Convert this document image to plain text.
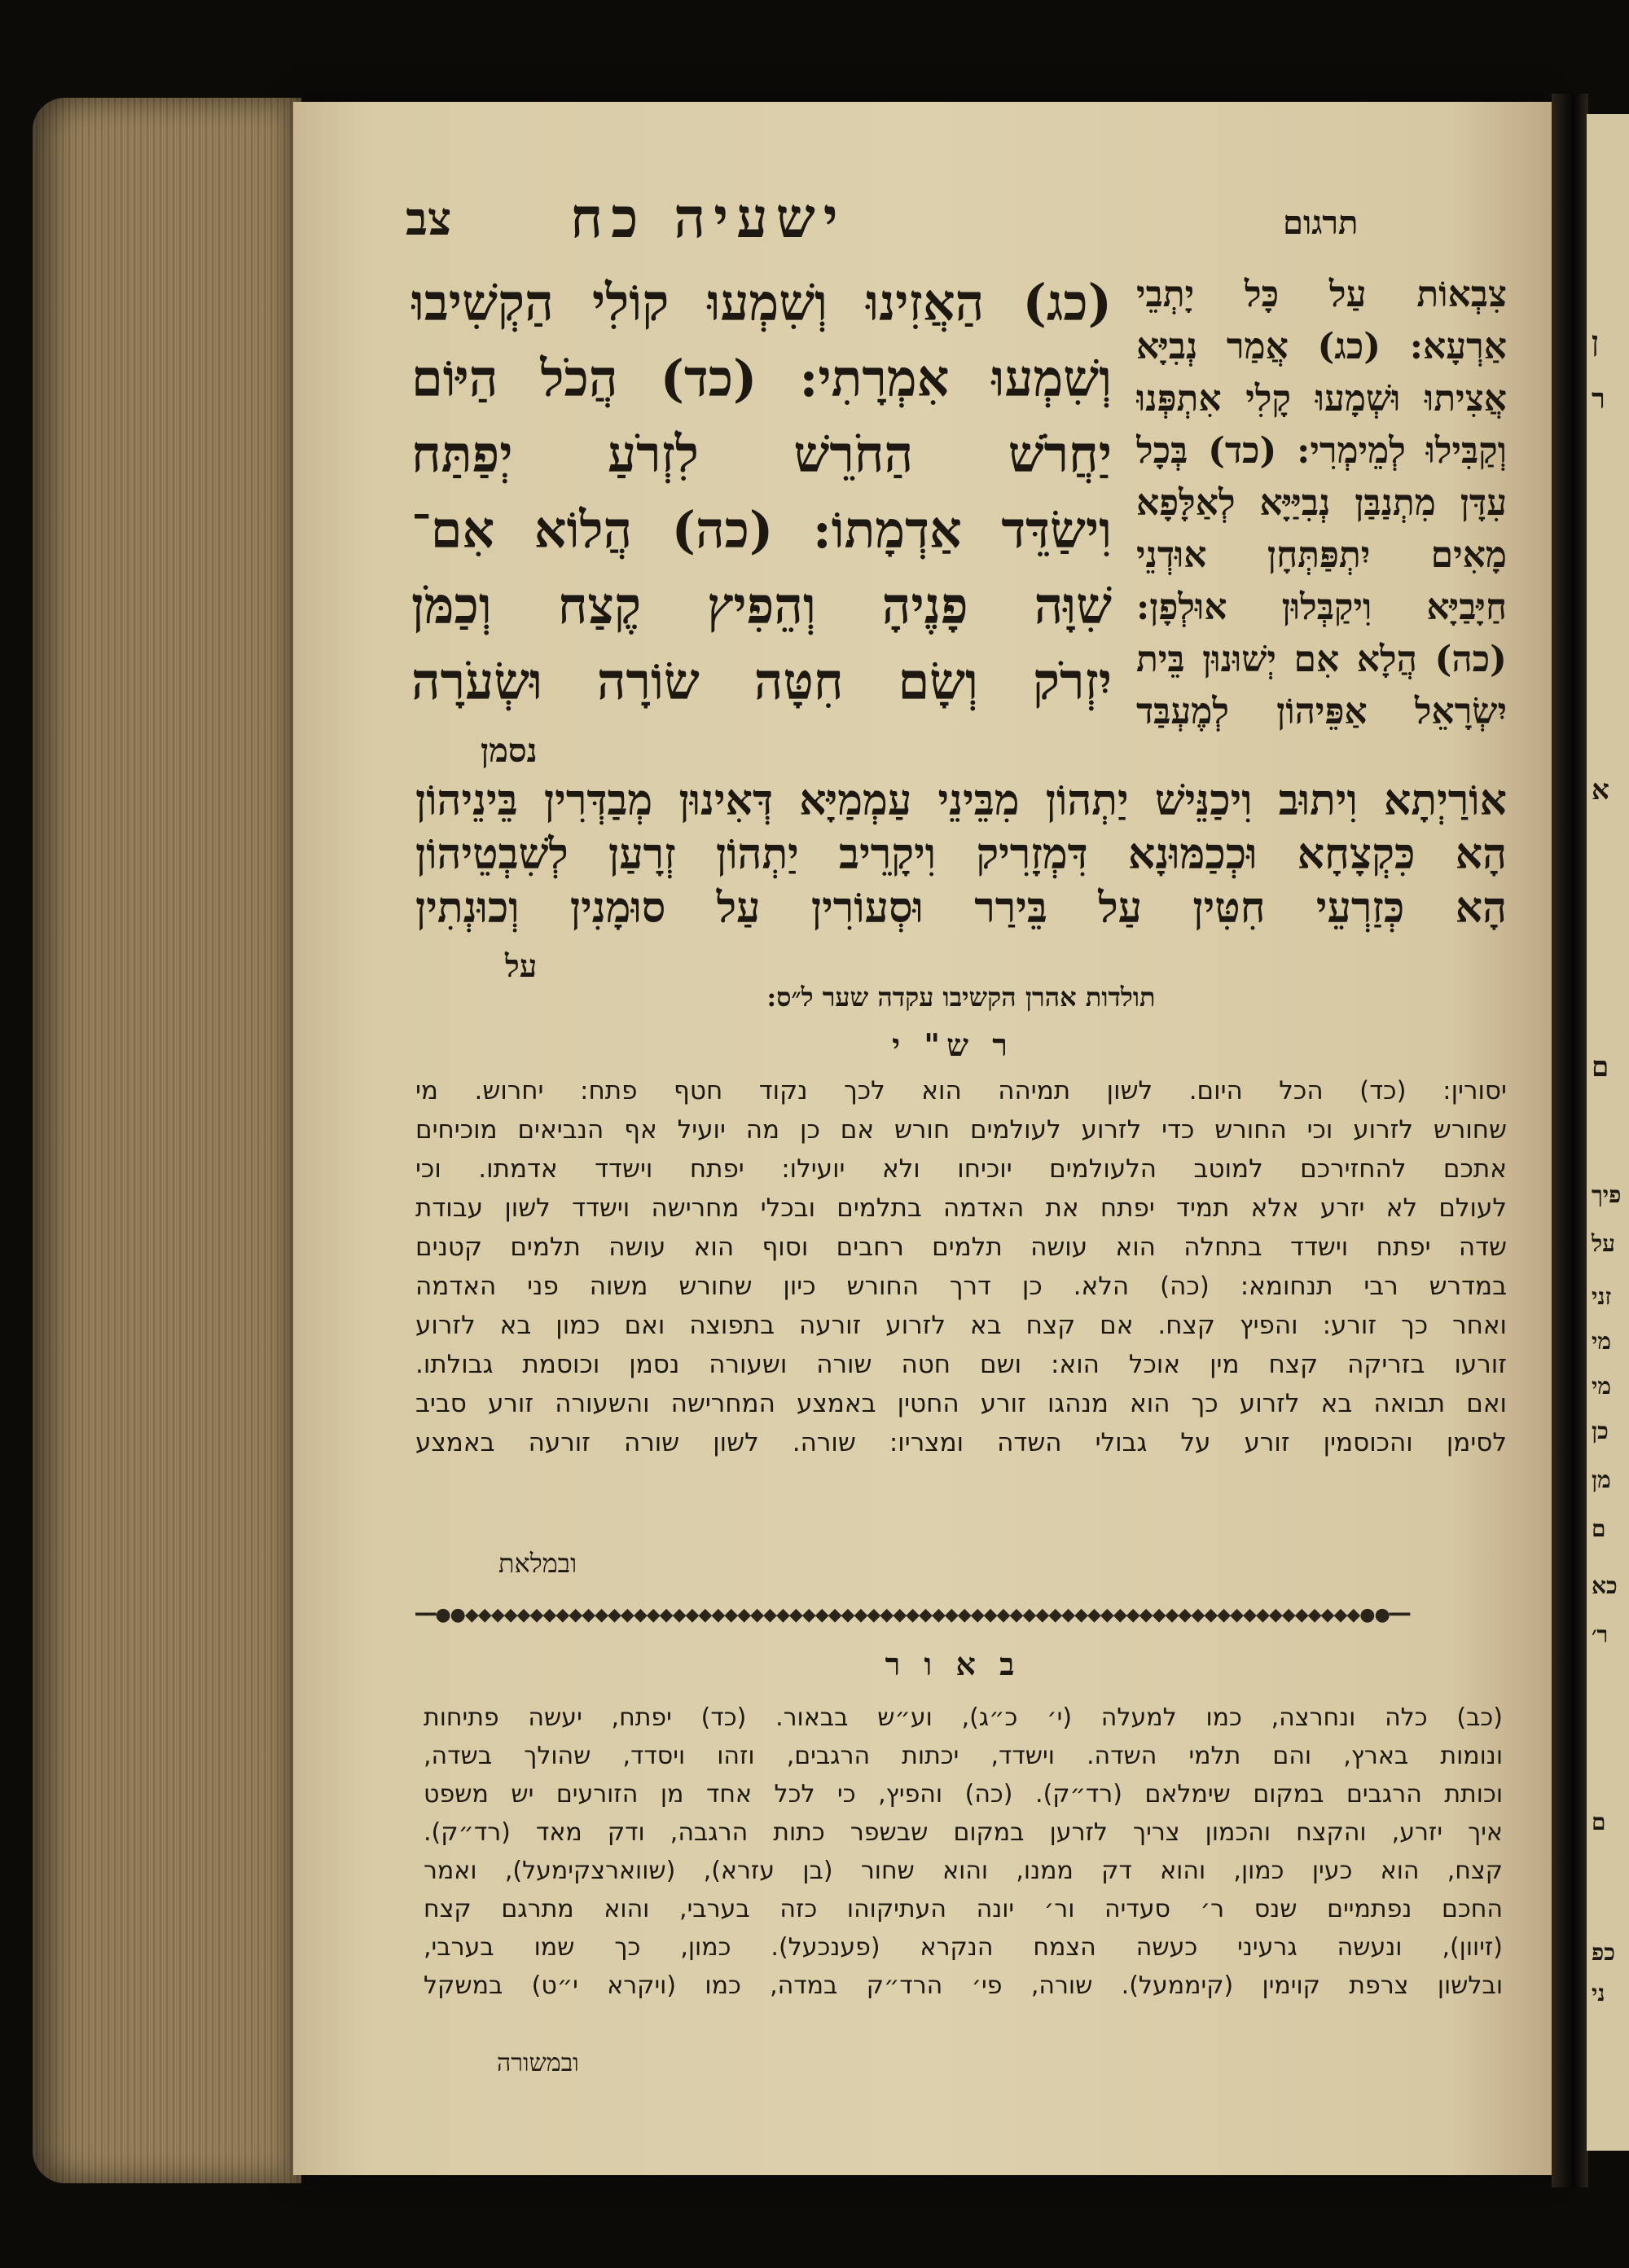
צב ישעיה כח	תרגום
(כג) הַאֲזִינוּ וְשִׁמְעוּ קוֹלִי הַקְשִׁיבוּ
וְשִׁמְעוּ אִמְרָתִי: (כד) הֲכֹל הַיּוֹם
יַחֲרֹשׁ הַחֹרֵשׁ לִזְרֹעַ יְפַתַּח
וִישַׂדֵּד אַדְמָתוֹ: (כה) הֲלוֹא אִם־
שִׁוָּה פָנֶיהָ וְהֵפִיץ קֶצַח וְכַמֹּן
יִזְרֹק וְשָׂם חִטָּה שׂוֹרָה וּשְׂעֹרָה
נסמן
צִבְאוֹת עַל כָּל יָתְבֵי
אַרְעָא: (כג) אֲמַר נְבִיָּא
אֲצִיתוּ וּשְׁמָעוּ קָלִי אִתְפְּנוּ
וְקַבִּילוּ לְמֵימְרִי: (כד) בְּכָל
עִדָּן מִתְנַבַּן נְבִיַּיָּא לְאַלָּפָא
מָאִים יִתְפַּתְּחָן אוּדְנֵי
חַיָּבַיָּא וִיקַבְּלוּן אוּלְפָן:
(כה) הֲלָא אִם יְשׁוּנוּן בֵּית
יִשְׂרָאֵל אַפֵּיהוֹן לְמֶעְבַּד
אוֹרַיְתָא וִיתוּב וִיכַנֵּישׁ יַתְהוֹן מִבֵּינֵי עַמְמַיָּא דְּאִינוּן מְבַדְּרִין בֵּינֵיהוֹן
הָא כִּקְצָחָא וּכְכַמּוּנָא דִּמְזָרִיק וִיקָרֵיב יַתְהוֹן זְרָעַן לְשִׁבְטֵיהוֹן
הָא כְּזַרְעֵי חִטִּין עַל בֵּירַר וּסְעוֹרִין עַל סוּמָנִין וְכוּנְתִין
על
תולדות אהרן הקשיבו עקדה שער ל״ס:
ר ש" י
יסורין: (כד) הכל היום. לשון תמיהה הוא לכך נקוד חטף פתח: יחרוש. מי
שחורש לזרוע וכי החורש כדי לזרוע לעולמים חורש אם כן מה יועיל אף הנביאים מוכיחים
אתכם להחזירכם למוטב הלעולמים יוכיחו ולא יועילו: יפתח וישדד אדמתו. וכי
לעולם לא יזרע אלא תמיד יפתח את האדמה בתלמים ובכלי מחרישה וישדד לשון עבודת
שדה יפתח וישדד בתחלה הוא עושה תלמים רחבים וסוף הוא עושה תלמים קטנים
במדרש רבי תנחומא: (כה) הלא. כן דרך החורש כיון שחורש משוה פני האדמה
ואחר כך זורע: והפיץ קצח. אם קצח בא לזרוע זורעה בתפוצה ואם כמון בא לזרוע
זורעו בזריקה קצח מין אוכל הוא: ושם חטה שורה ושעורה נסמן וכוסמת גבולתו.
ואם תבואה בא לזרוע כך הוא מנהגו זורע החטין באמצע המחרישה והשעורה זורע סביב
לסימן והכוסמין זורע על גבולי השדה ומצריו: שורה. לשון שורה זורעה באמצע
ובמלאת
━━●●◆◆◆◆◆◆◆◆◆◆◆◆◆◆◆◆◆◆◆◆◆◆◆◆◆◆◆◆◆◆◆◆◆◆◆◆◆◆◆◆◆◆◆◆◆◆◆◆◆◆◆◆◆◆◆◆◆◆◆◆◆◆◆◆◆◆◆◆◆●●━━
ב א ו ר
(כב) כלה ונחרצה, כמו למעלה (י׳ כ״ג), וע״ש בבאור. (כד) יפתח, יעשה פתיחות
ונומות בארץ, והם תלמי השדה. וישדד, יכתות הרגבים, וזהו ויסדד, שהולך בשדה,
וכותת הרגבים במקום שימלאם (רד״ק). (כה) והפיץ, כי לכל אחד מן הזורעים יש משפט
איך יזרע, והקצח והכמון צריך לזרען במקום שבשפר כתות הרגבה, ודק מאד (רד״ק).
קצח, הוא כעין כמון, והוא דק ממנו, והוא שחור (בן עזרא), (שווארצקימעל), ואמר
החכם נפתמיים שנס ר׳ סעדיה ור׳ יונה העתיקוהו כזה בערבי, והוא מתרגם קצח
(זיוון), ונעשה גרעיני כעשה הצמח הנקרא (פענכעל). כמון, כך שמו בערבי,
ובלשון צרפת קוימין (קיממעל). שורה, פי׳ הרד״ק במדה, כמו (ויקרא י״ט) במשקל
ובמשורה
ן
ר
א
ם
פיך
על
זני
מי
מי
כן
מן
ם
כא
ר׳
ם
כפ
ני
